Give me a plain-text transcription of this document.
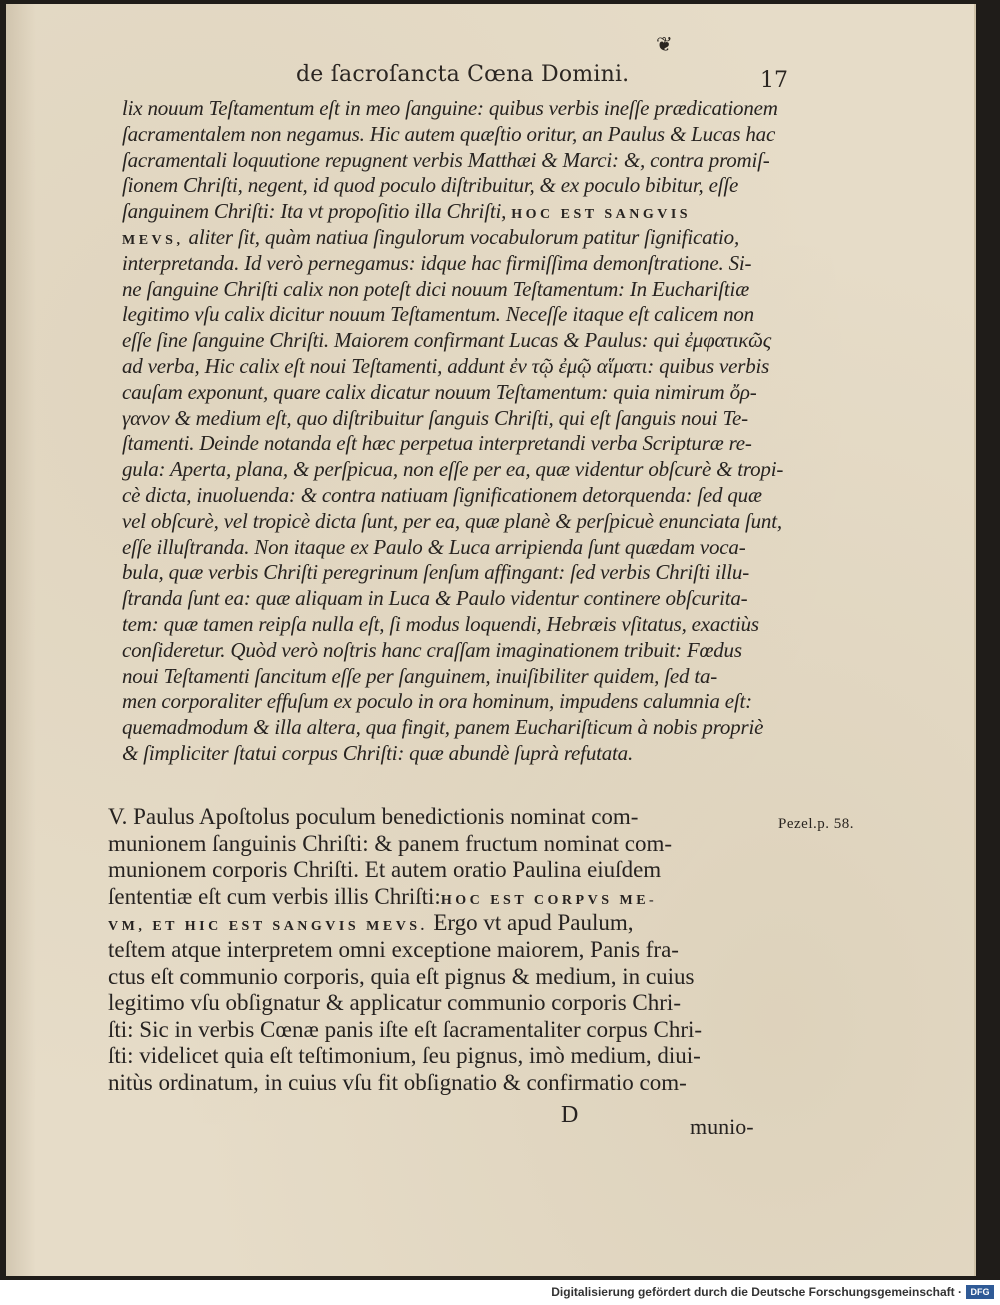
❦
de ſacroſancta Cœna Domini.	17
lix nouum Teſtamentum eſt in meo ſanguine: quibus verbis ineſſe prædicationem
ſacramentalem non negamus. Hic autem quæſtio oritur, an Paulus & Lucas hac
ſacramentali loquutione repugnent verbis Matthæi & Marci: &, contra promiſ-
ſionem Chriſti, negent, id quod poculo diſtribuitur, & ex poculo bibitur, eſſe
ſanguinem Chriſti: Ita vt propoſitio illa Chriſti, HOC EST SANGVIS
MEVS, aliter ſit, quàm natiua ſingulorum vocabulorum patitur ſignificatio,
interpretanda. Id verò pernegamus: idque hac firmiſſima demonſtratione. Si-
ne ſanguine Chriſti calix non poteſt dici nouum Teſtamentum: In Euchariſtiæ
legitimo vſu calix dicitur nouum Teſtamentum. Neceſſe itaque eſt calicem non
eſſe ſine ſanguine Chriſti. Maiorem confirmant Lucas & Paulus: qui ἐμφατικῶς
ad verba, Hic calix eſt noui Teſtamenti, addunt ἐν τῷ ἐμῷ αἵματι: quibus verbis
cauſam exponunt, quare calix dicatur nouum Teſtamentum: quia nimirum ὄρ-
γανον & medium eſt, quo diſtribuitur ſanguis Chriſti, qui eſt ſanguis noui Te-
ſtamenti. Deinde notanda eſt hæc perpetua interpretandi verba Scripturæ re-
gula: Aperta, plana, & perſpicua, non eſſe per ea, quæ videntur obſcurè & tropi-
cè dicta, inuoluenda: & contra natiuam ſignificationem detorquenda: ſed quæ
vel obſcurè, vel tropicè dicta ſunt, per ea, quæ planè & perſpicuè enunciata ſunt,
eſſe illuſtranda. Non itaque ex Paulo & Luca arripienda ſunt quædam voca-
bula, quæ verbis Chriſti peregrinum ſenſum affingant: ſed verbis Chriſti illu-
ſtranda ſunt ea: quæ aliquam in Luca & Paulo videntur continere obſcurita-
tem: quæ tamen reipſa nulla eſt, ſi modus loquendi, Hebræis vſitatus, exactiùs
conſideretur. Quòd verò noſtris hanc craſſam imaginationem tribuit: Fœdus
noui Teſtamenti ſancitum eſſe per ſanguinem, inuiſibiliter quidem, ſed ta-
men corporaliter effuſum ex poculo in ora hominum, impudens calumnia eſt:
quemadmodum & illa altera, qua fingit, panem Euchariſticum à nobis propriè
& ſimpliciter ſtatui corpus Chriſti: quæ abundè ſuprà refutata.
Pezel.p. 58.
V. Paulus Apoſtolus poculum benedictionis nominat com-
munionem ſanguinis Chriſti: & panem fructum nominat com-
munionem corporis Chriſti. Et autem oratio Paulina eiuſdem
ſententiæ eſt cum verbis illis Chriſti:HOC EST CORPVS ME-
VM, ET HIC EST SANGVIS MEVS. Ergo vt apud Paulum,
teſtem atque interpretem omni exceptione maiorem, Panis fra-
ctus eſt communio corporis, quia eſt pignus & medium, in cuius
legitimo vſu obſignatur & applicatur communio corporis Chri-
ſti: Sic in verbis Cœnæ panis iſte eſt ſacramentaliter corpus Chri-
ſti: videlicet quia eſt teſtimonium, ſeu pignus, imò medium, diui-
nitùs ordinatum, in cuius vſu fit obſignatio & confirmatio com-
D	munio-
Digitalisierung gefördert durch die Deutsche Forschungsgemeinschaft · DFG
